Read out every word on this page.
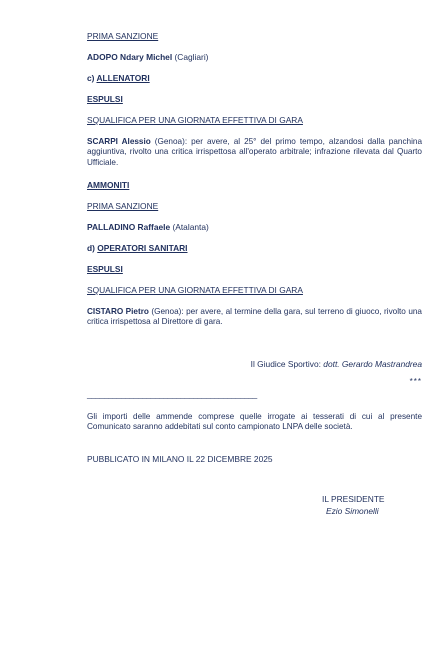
PRIMA SANZIONE

ADOPO Ndary Michel (Cagliari)

c) ALLENATORI

ESPULSI

SQUALIFICA PER UNA GIORNATA EFFETTIVA DI GARA

SCARPI Alessio (Genoa): per avere, al 25° del primo tempo, alzandosi dalla panchina aggiuntiva, rivolto una critica irrispettosa all'operato arbitrale; infrazione rilevata dal Quarto Ufficiale.

AMMONITI

PRIMA SANZIONE

PALLADINO Raffaele (Atalanta)

d) OPERATORI SANITARI

ESPULSI

SQUALIFICA PER UNA GIORNATA EFFETTIVA DI GARA

CISTARO Pietro (Genoa): per avere, al termine della gara, sul terreno di giuoco, rivolto una critica irrispettosa al Direttore di gara.

Il Giudice Sportivo: dott. Gerardo Mastrandrea
***
________________________________________

Gli importi delle ammende comprese quelle irrogate ai tesserati di cui al presente Comunicato saranno addebitati sul conto campionato LNPA delle società.

PUBBLICATO IN MILANO IL 22 DICEMBRE 2025

IL PRESIDENTE
Ezio Simonelli
